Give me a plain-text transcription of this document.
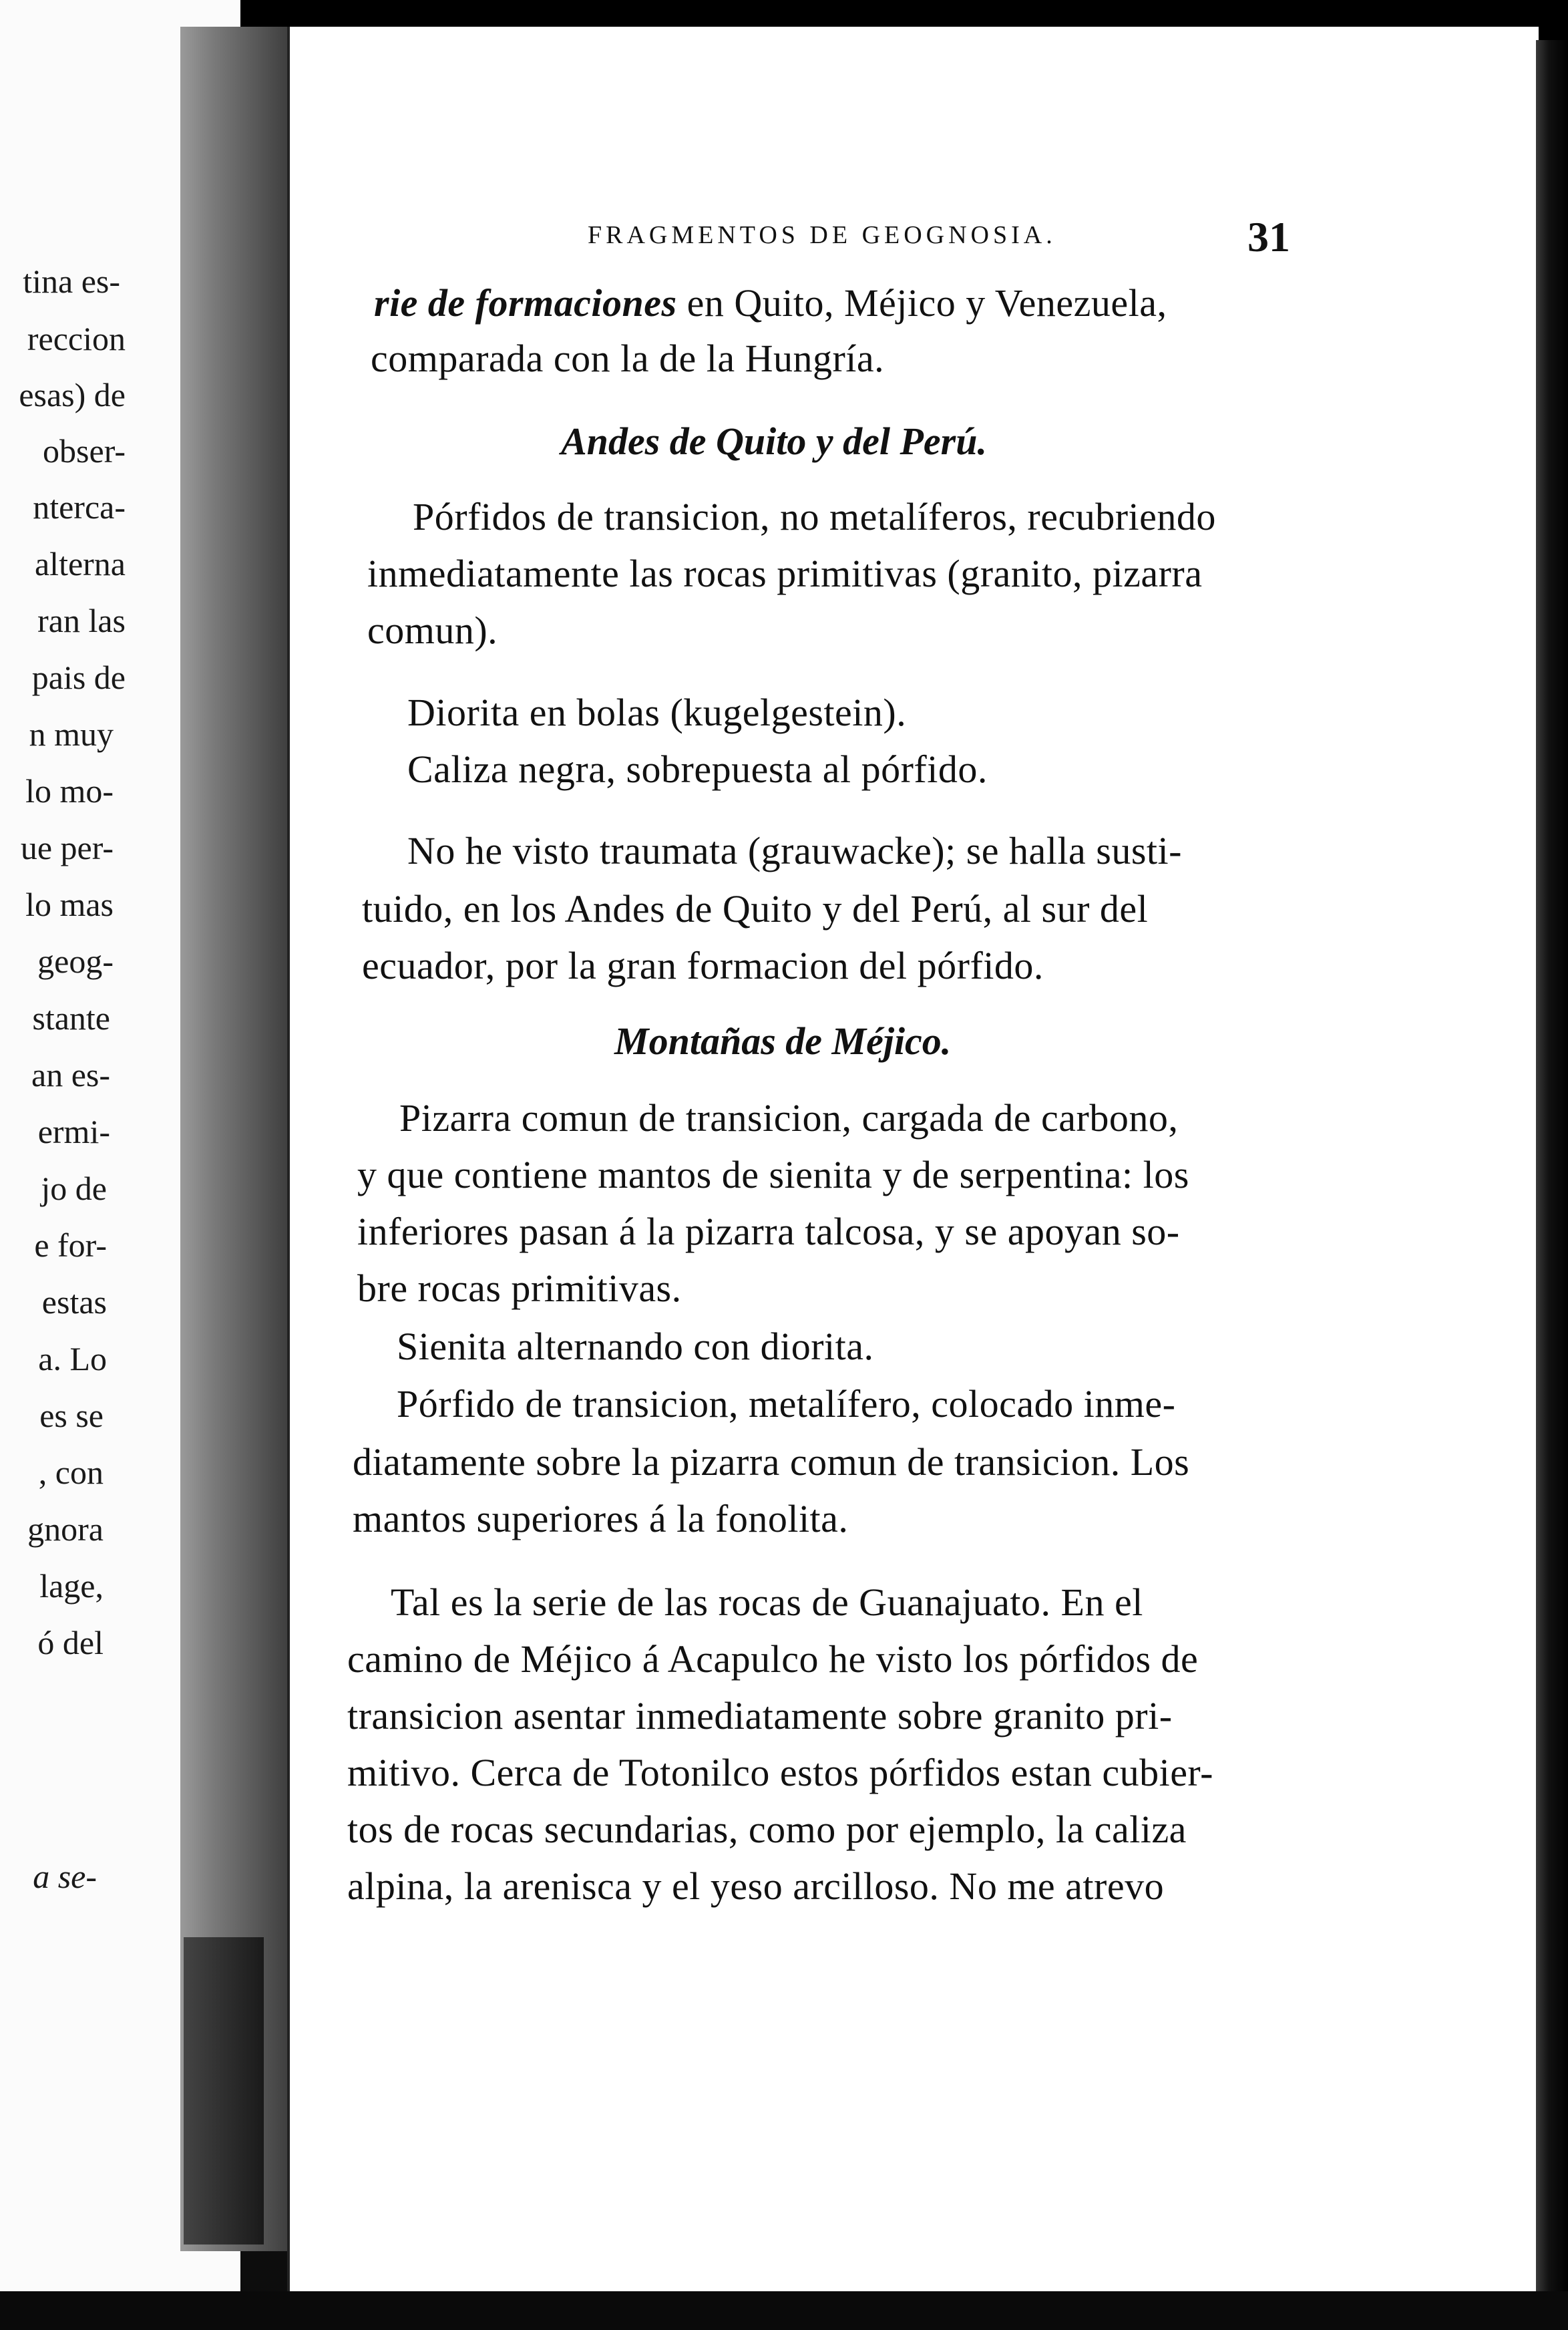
tina es-
reccion
esas) de
obser-
nterca-
alterna
ran las
pais de
n muy
lo mo-
ue per-
lo mas
geog-
stante
an es-
ermi-
jo de
e for-
estas
a. Lo
es se
, con
gnora
lage,
ó del
a se-
FRAGMENTOS DE GEOGNOSIA.	31
rie de formaciones en Quito, Méjico y Venezuela,
comparada con la de la Hungría.
Andes de Quito y del Perú.
Pórfidos de transicion, no metalíferos, recubriendo
inmediatamente las rocas primitivas (granito, pizarra
comun).
Diorita en bolas (kugelgestein).
Caliza negra, sobrepuesta al pórfido.
No he visto traumata (grauwacke); se halla susti-
tuido, en los Andes de Quito y del Perú, al sur del
ecuador, por la gran formacion del pórfido.
Montañas de Méjico.
Pizarra comun de transicion, cargada de carbono,
y que contiene mantos de sienita y de serpentina: los
inferiores pasan á la pizarra talcosa, y se apoyan so-
bre rocas primitivas.
Sienita alternando con diorita.
Pórfido de transicion, metalífero, colocado inme-
diatamente sobre la pizarra comun de transicion. Los
mantos superiores á la fonolita.
Tal es la serie de las rocas de Guanajuato. En el
camino de Méjico á Acapulco he visto los pórfidos de
transicion asentar inmediatamente sobre granito pri-
mitivo. Cerca de Totonilco estos pórfidos estan cubier-
tos de rocas secundarias, como por ejemplo, la caliza
alpina, la arenisca y el yeso arcilloso. No me atrevo
